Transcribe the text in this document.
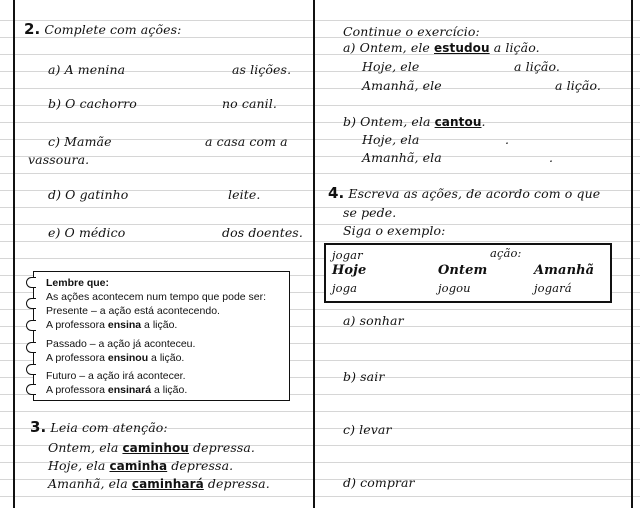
2. Complete com ações:
a) A menina	as lições.
b) O cachorro	no canil.
c) Mamãe	a casa com a
vassoura.
d) O gatinho	leite.
e) O médico	dos doentes.
Lembre que:
As ações acontecem num tempo que pode ser:
Presente – a ação está acontecendo.
A professora ensina a lição.
Passado – a ação já aconteceu.
A professora ensinou a lição.
Futuro – a ação irá acontecer.
A professora ensinará a lição.
3. Leia com atenção:
Ontem, ela caminhou depressa.
Hoje, ela caminha depressa.
Amanhã, ela caminhará depressa.
Continue o exercício:
a) Ontem, ele estudou a lição.
Hoje, ele	a lição.
Amanhã, ele	a lição.
b) Ontem, ela cantou.
Hoje, ela	.
Amanhã, ela	.
4. Escreva as ações, de acordo com o que
se pede.
Siga o exemplo:
jogar	ação:
Hoje	Ontem	Amanhã
joga	jogou	jogará
a) sonhar
b) sair
c) levar
d) comprar
